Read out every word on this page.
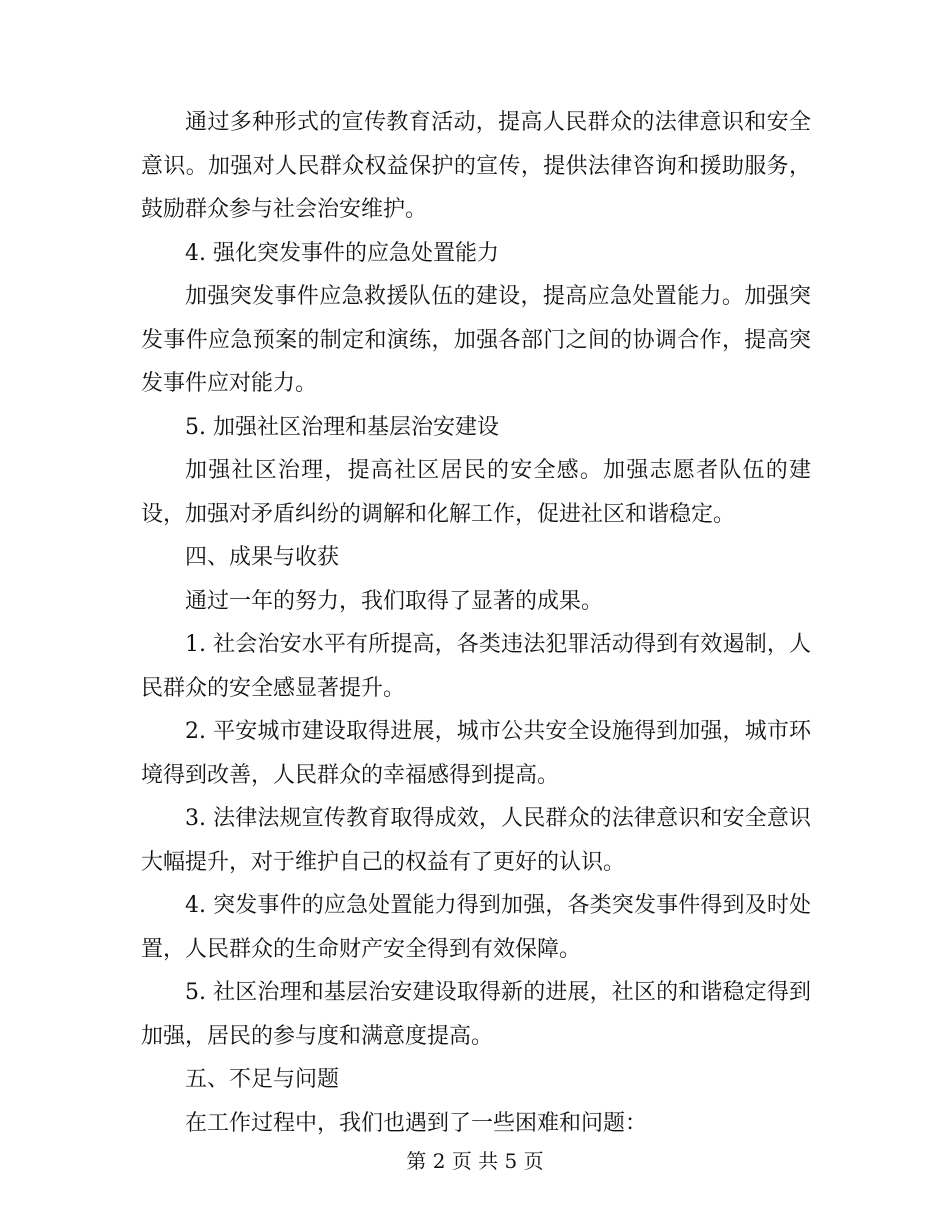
通过多种形式的宣传教育活动，提高人民群众的法律意识和安全意识。加强对人民群众权益保护的宣传，提供法律咨询和援助服务，鼓励群众参与社会治安维护。

4. 强化突发事件的应急处置能力

加强突发事件应急救援队伍的建设，提高应急处置能力。加强突发事件应急预案的制定和演练，加强各部门之间的协调合作，提高突发事件应对能力。

5. 加强社区治理和基层治安建设

加强社区治理，提高社区居民的安全感。加强志愿者队伍的建设，加强对矛盾纠纷的调解和化解工作，促进社区和谐稳定。

四、成果与收获

通过一年的努力，我们取得了显著的成果。

1. 社会治安水平有所提高，各类违法犯罪活动得到有效遏制，人民群众的安全感显著提升。

2. 平安城市建设取得进展，城市公共安全设施得到加强，城市环境得到改善，人民群众的幸福感得到提高。

3. 法律法规宣传教育取得成效，人民群众的法律意识和安全意识大幅提升，对于维护自己的权益有了更好的认识。

4. 突发事件的应急处置能力得到加强，各类突发事件得到及时处置，人民群众的生命财产安全得到有效保障。

5. 社区治理和基层治安建设取得新的进展，社区的和谐稳定得到加强，居民的参与度和满意度提高。

五、不足与问题

在工作过程中，我们也遇到了一些困难和问题：

第 2 页 共 5 页
